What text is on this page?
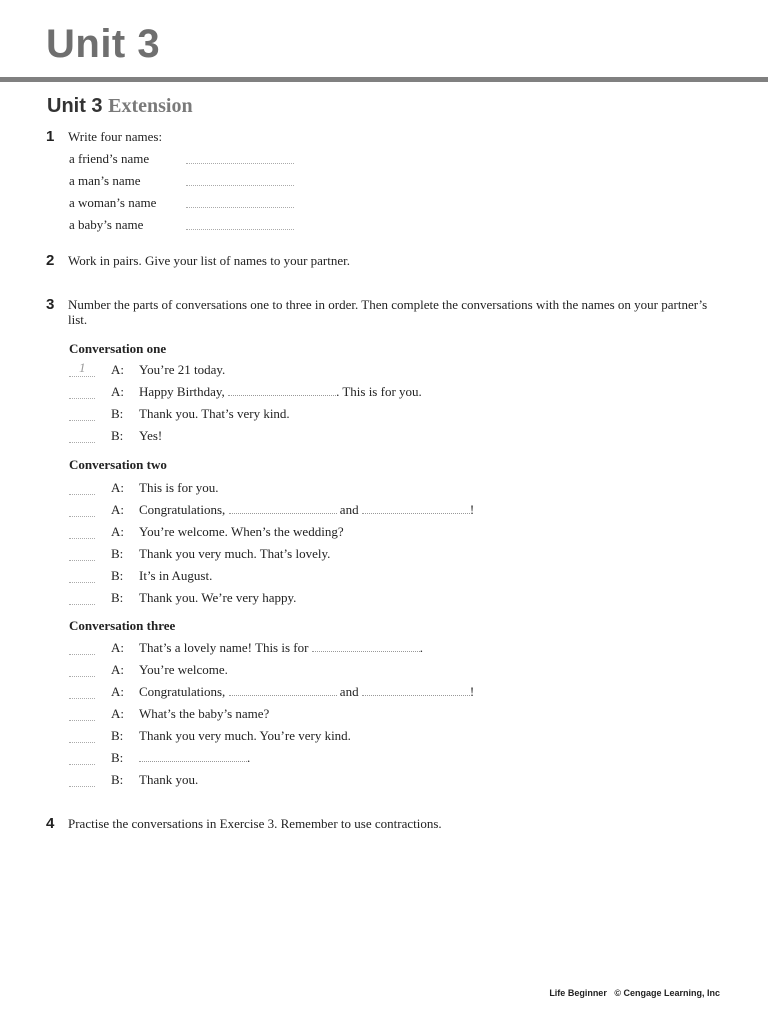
Unit 3
Unit 3 Extension
1 Write four names:
a friend’s name
a man’s name
a woman’s name
a baby’s name
2 Work in pairs. Give your list of names to your partner.
3 Number the parts of conversations one to three in order. Then complete the conversations with the names on your partner’s list.
Conversation one
1 A: You’re 21 today.
A: Happy Birthday,	. This is for you.
B: Thank you. That’s very kind.
B: Yes!
Conversation two
A: This is for you.
A: Congratulations,	and	!
A: You’re welcome. When’s the wedding?
B: Thank you very much. That’s lovely.
B: It’s in August.
B: Thank you. We’re very happy.
Conversation three
A: That’s a lovely name! This is for	.
A: You’re welcome.
A: Congratulations,	and	!
A: What’s the baby’s name?
B: Thank you very much. You’re very kind.
B:	.
B: Thank you.
4 Practise the conversations in Exercise 3. Remember to use contractions.
Life Beginner © Cengage Learning, Inc
